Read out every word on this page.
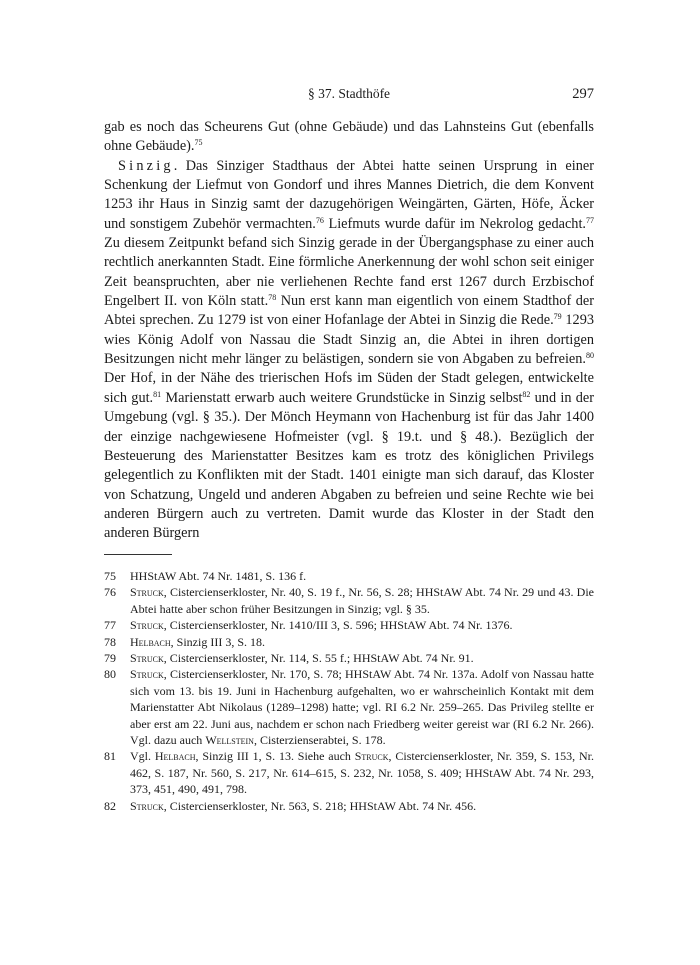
§ 37. Stadthöfe	297

gab es noch das Scheurens Gut (ohne Gebäude) und das Lahnsteins Gut (ebenfalls ohne Gebäude).$^{75}$

Sinzig. Das Sinziger Stadthaus der Abtei hatte seinen Ursprung in einer Schenkung der Liefmut von Gondorf und ihres Mannes Dietrich, die dem Konvent 1253 ihr Haus in Sinzig samt der dazugehörigen Weingärten, Gärten, Höfe, Äcker und sonstigem Zubehör vermachten.$^{76}$ Liefmuts wurde dafür im Nekrolog gedacht.$^{77}$ Zu diesem Zeitpunkt befand sich Sinzig gerade in der Übergangsphase zu einer auch rechtlich anerkannten Stadt. Eine förmliche Anerkennung der wohl schon seit einiger Zeit beanspruchten, aber nie verliehenen Rechte fand erst 1267 durch Erzbischof Engelbert II. von Köln statt.$^{78}$ Nun erst kann man eigentlich von einem Stadthof der Abtei sprechen. Zu 1279 ist von einer Hofanlage der Abtei in Sinzig die Rede.$^{79}$ 1293 wies König Adolf von Nassau die Stadt Sinzig an, die Abtei in ihren dortigen Besitzungen nicht mehr länger zu belästigen, sondern sie von Abgaben zu befreien.$^{80}$ Der Hof, in der Nähe des trierischen Hofs im Süden der Stadt gelegen, entwickelte sich gut.$^{81}$ Marienstatt erwarb auch weitere Grundstücke in Sinzig selbst$^{82}$ und in der Umgebung (vgl. § 35.). Der Mönch Heymann von Hachenburg ist für das Jahr 1400 der einzige nachgewiesene Hofmeister (vgl. § 19.t. und § 48.). Bezüglich der Besteuerung des Marienstatter Besitzes kam es trotz des königlichen Privilegs gelegentlich zu Konflikten mit der Stadt. 1401 einigte man sich darauf, das Kloster von Schatzung, Ungeld und anderen Abgaben zu befreien und seine Rechte wie bei anderen Bürgern auch zu vertreten. Damit wurde das Kloster in der Stadt den anderen Bürgern

75 HHStAW Abt. 74 Nr. 1481, S. 136 f.
76 Struck, Cistercienserkloster, Nr. 40, S. 19 f., Nr. 56, S. 28; HHStAW Abt. 74 Nr. 29 und 43. Die Abtei hatte aber schon früher Besitzungen in Sinzig; vgl. § 35.
77 Struck, Cistercienserkloster, Nr. 1410/III 3, S. 596; HHStAW Abt. 74 Nr. 1376.
78 Helbach, Sinzig III 3, S. 18.
79 Struck, Cistercienserkloster, Nr. 114, S. 55 f.; HHStAW Abt. 74 Nr. 91.
80 Struck, Cistercienserkloster, Nr. 170, S. 78; HHStAW Abt. 74 Nr. 137a. Adolf von Nassau hatte sich vom 13. bis 19. Juni in Hachenburg aufgehalten, wo er wahrscheinlich Kontakt mit dem Marienstatter Abt Nikolaus (1289–1298) hatte; vgl. RI 6.2 Nr. 259–265. Das Privileg stellte er aber erst am 22. Juni aus, nachdem er schon nach Friedberg weiter gereist war (RI 6.2 Nr. 266). Vgl. dazu auch Wellstein, Cisterzienserabtei, S. 178.
81 Vgl. Helbach, Sinzig III 1, S. 13. Siehe auch Struck, Cistercienserkloster, Nr. 359, S. 153, Nr. 462, S. 187, Nr. 560, S. 217, Nr. 614–615, S. 232, Nr. 1058, S. 409; HHStAW Abt. 74 Nr. 293, 373, 451, 490, 491, 798.
82 Struck, Cistercienserkloster, Nr. 563, S. 218; HHStAW Abt. 74 Nr. 456.
